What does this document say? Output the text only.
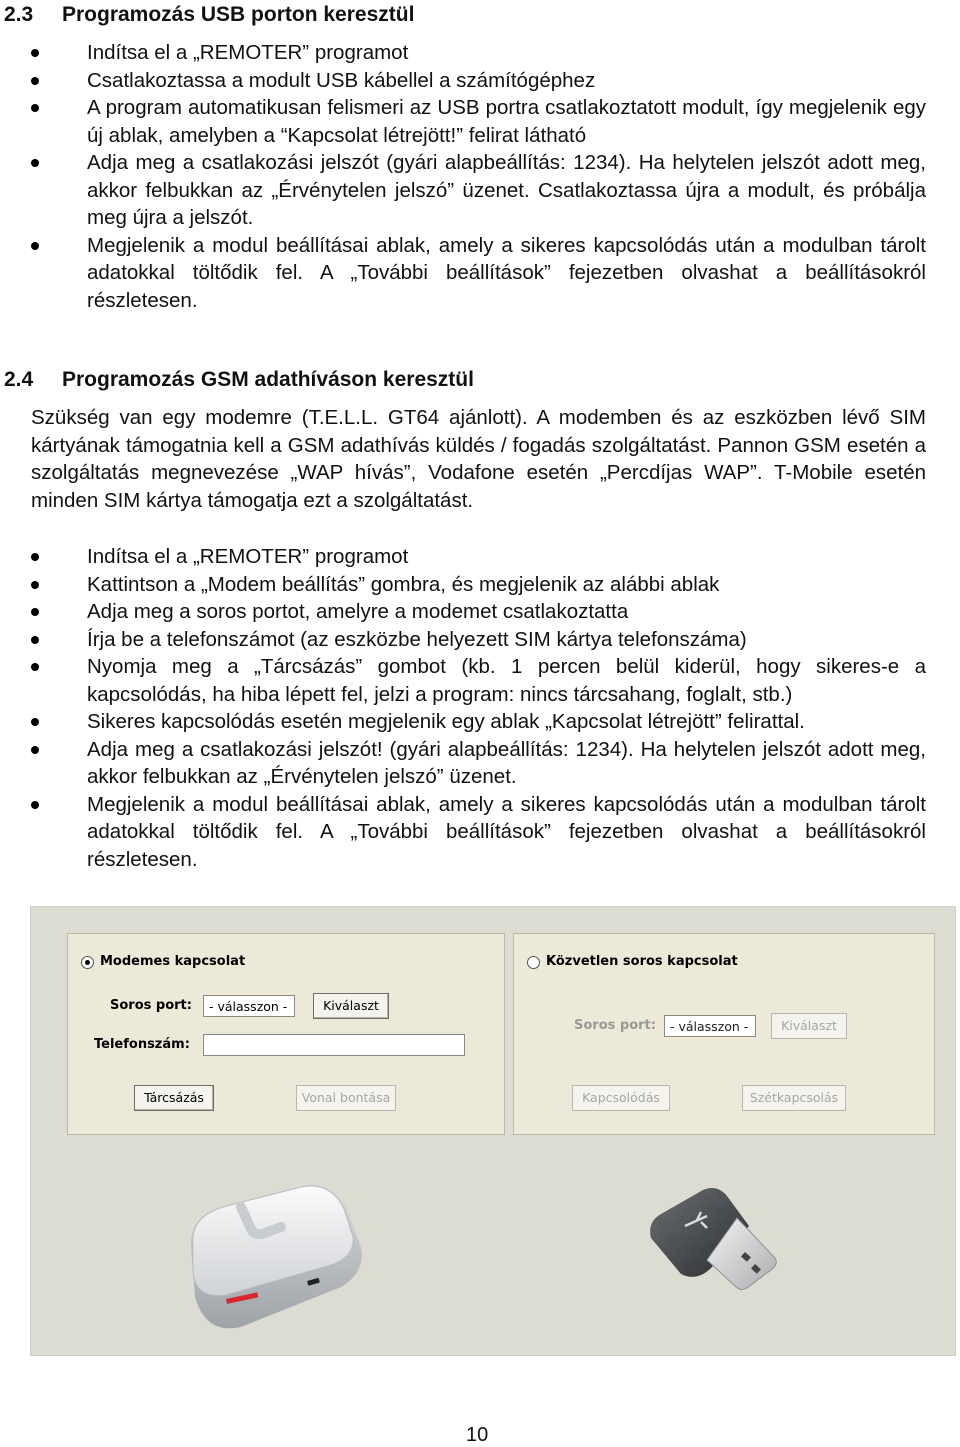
2.3 Programozás USB porton keresztül
Indítsa el a „REMOTER” programot
Csatlakoztassa a modult USB kábellel a számítógéphez
A program automatikusan felismeri az USB portra csatlakoztatott modult, így megjelenik egy új ablak, amelyben a “Kapcsolat létrejött!” felirat látható
Adja meg a csatlakozási jelszót (gyári alapbeállítás: 1234). Ha helytelen jelszót adott meg, akkor felbukkan az „Érvénytelen jelszó” üzenet. Csatlakoztassa újra a modult, és próbálja meg újra a jelszót.
Megjelenik a modul beállításai ablak, amely a sikeres kapcsolódás után a modulban tárolt adatokkal töltődik fel. A „További beállítások” fejezetben olvashat a beállításokról részletesen.
2.4 Programozás GSM adathíváson keresztül

Szükség van egy modemre (T.E.L.L. GT64 ajánlott). A modemben és az eszközben lévő SIM kártyának támogatnia kell a GSM adathívás küldés / fogadás szolgáltatást. Pannon GSM esetén a szolgáltatás megnevezése „WAP hívás”, Vodafone esetén „Percdíjas WAP”. T-Mobile esetén minden SIM kártya támogatja ezt a szolgáltatást.

Indítsa el a „REMOTER” programot
Kattintson a „Modem beállítás” gombra, és megjelenik az alábbi ablak
Adja meg a soros portot, amelyre a modemet csatlakoztatta
Írja be a telefonszámot (az eszközbe helyezett SIM kártya telefonszáma)
Nyomja meg a „Tárcsázás” gombot (kb. 1 percen belül kiderül, hogy sikeres-e a kapcsolódás, ha hiba lépett fel, jelzi a program: nincs tárcsahang, foglalt, stb.)
Sikeres kapcsolódás esetén megjelenik egy ablak „Kapcsolat létrejött” felirattal.
Adja meg a csatlakozási jelszót! (gyári alapbeállítás: 1234). Ha helytelen jelszót adott meg, akkor felbukkan az „Érvénytelen jelszó” üzenet.
Megjelenik a modul beállításai ablak, amely a sikeres kapcsolódás után a modulban tárolt adatokkal töltődik fel. A „További beállítások” fejezetben olvashat a beállításokról részletesen.
Modemes kapcsolat
Soros port:	- válasszon -	Kiválaszt
Telefonszám:
Tárcsázás	Vonal bontása
Közvetlen soros kapcsolat
Soros port:	- válasszon -	Kiválaszt
Kapcsolódás	Szétkapcsolás
10
